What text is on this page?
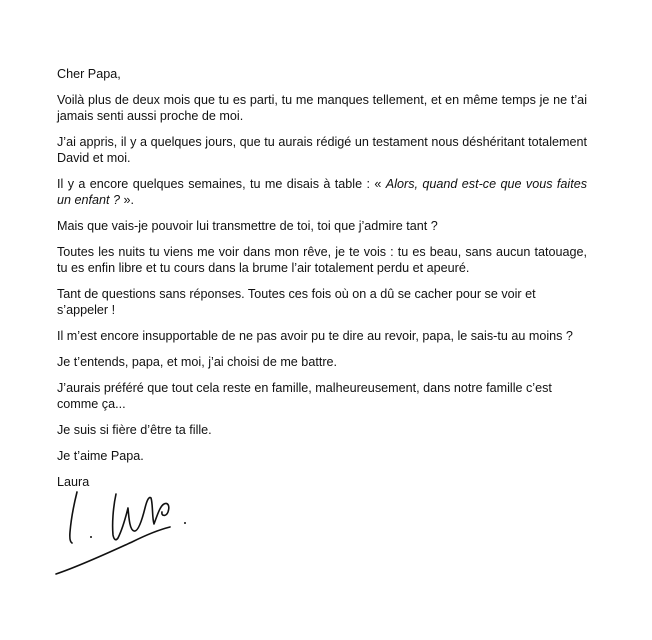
Cher Papa,

Voilà plus de deux mois que tu es parti, tu me manques tellement, et en même temps je ne t’ai jamais senti aussi proche de moi.

J’ai appris, il y a quelques jours, que tu aurais rédigé un testament nous déshéritant totalement David et moi.

Il y a encore quelques semaines, tu me disais à table : « Alors, quand est-ce que vous faites un enfant ? ».

Mais que vais-je pouvoir lui transmettre de toi, toi que j’admire tant ?

Toutes les nuits tu viens me voir dans mon rêve, je te vois : tu es beau, sans aucun tatouage, tu es enfin libre et tu cours dans la brume l’air totalement perdu et apeuré.

Tant de questions sans réponses. Toutes ces fois où on a dû se cacher pour se voir et s’appeler !

Il m’est encore insupportable de ne pas avoir pu te dire au revoir, papa, le sais-tu au moins ?

Je t’entends, papa, et moi, j’ai choisi de me battre.

J’aurais préféré que tout cela reste en famille, malheureusement, dans notre famille c’est comme ça...

Je suis si fière d’être ta fille.

Je t’aime Papa.

Laura
